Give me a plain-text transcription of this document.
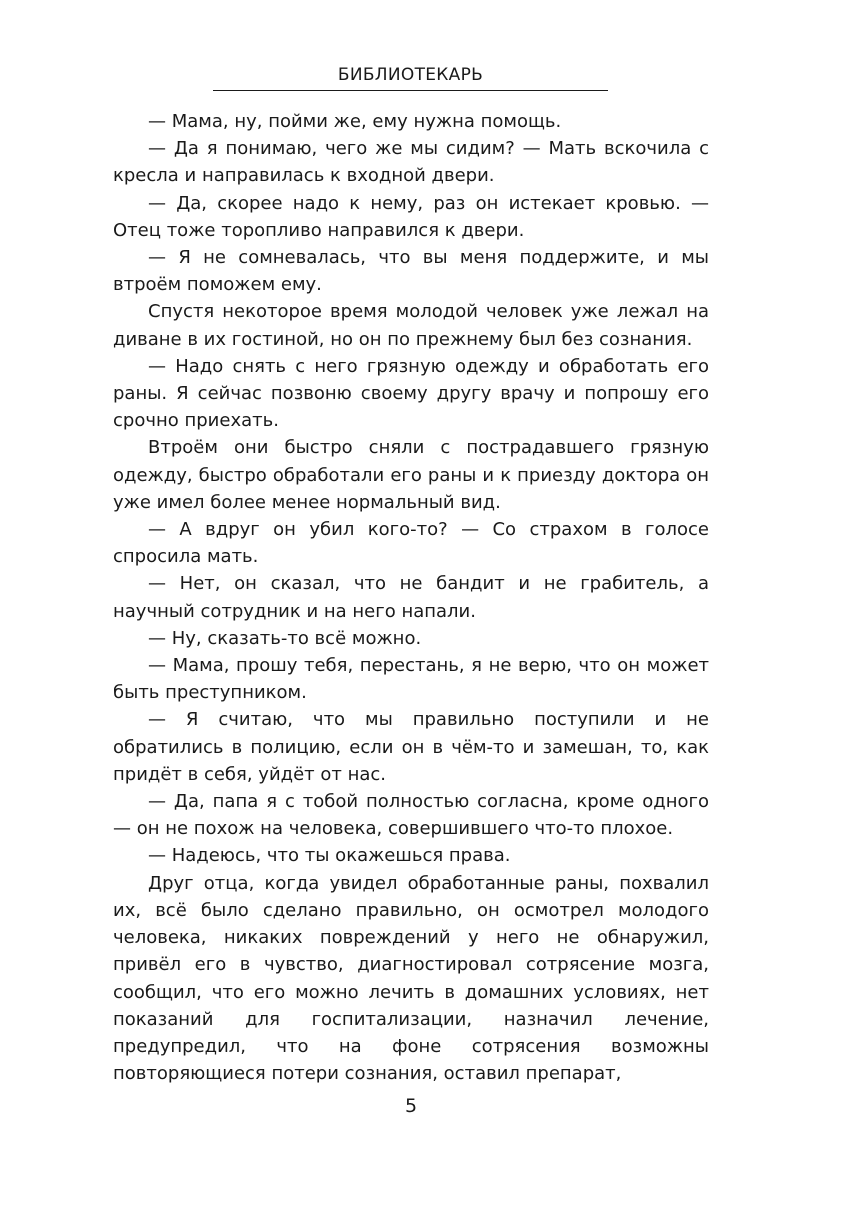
БИБЛИОТЕКАРЬ

— Мама, ну, пойми же, ему нужна помощь.

— Да я понимаю, чего же мы сидим? — Мать вскочила с кресла и направилась к входной двери.

— Да, скорее надо к нему, раз он истекает кровью. — Отец тоже торопливо направился к двери.

— Я не сомневалась, что вы меня поддержите, и мы втроём поможем ему.

Спустя некоторое время молодой человек уже лежал на диване в их гостиной, но он по прежнему был без сознания.

— Надо снять с него грязную одежду и обработать его раны. Я сейчас позвоню своему другу врачу и попрошу его срочно приехать.

Втроём они быстро сняли с пострадавшего грязную одежду, быстро обработали его раны и к приезду доктора он уже имел более менее нормальный вид.

— А вдруг он убил кого-то? — Со страхом в голосе спросила мать.

— Нет, он сказал, что не бандит и не грабитель, а научный сотрудник и на него напали.

— Ну, сказать-то всё можно.

— Мама, прошу тебя, перестань, я не верю, что он может быть преступником.

— Я считаю, что мы правильно поступили и не обратились в полицию, если он в чём-то и замешан, то, как придёт в себя, уйдёт от нас.

— Да, папа я с тобой полностью согласна, кроме одного — он не похож на человека, совершившего что-то плохое.

— Надеюсь, что ты окажешься права.

Друг отца, когда увидел обработанные раны, похвалил их, всё было сделано правильно, он осмотрел молодого человека, никаких повреждений у него не обнаружил, привёл его в чувство, диагностировал сотрясение мозга, сообщил, что его можно лечить в домашних условиях, нет показаний для госпитализации, назначил лечение, предупредил, что на фоне сотрясения возможны повторяющиеся потери сознания, оставил препарат,

5
